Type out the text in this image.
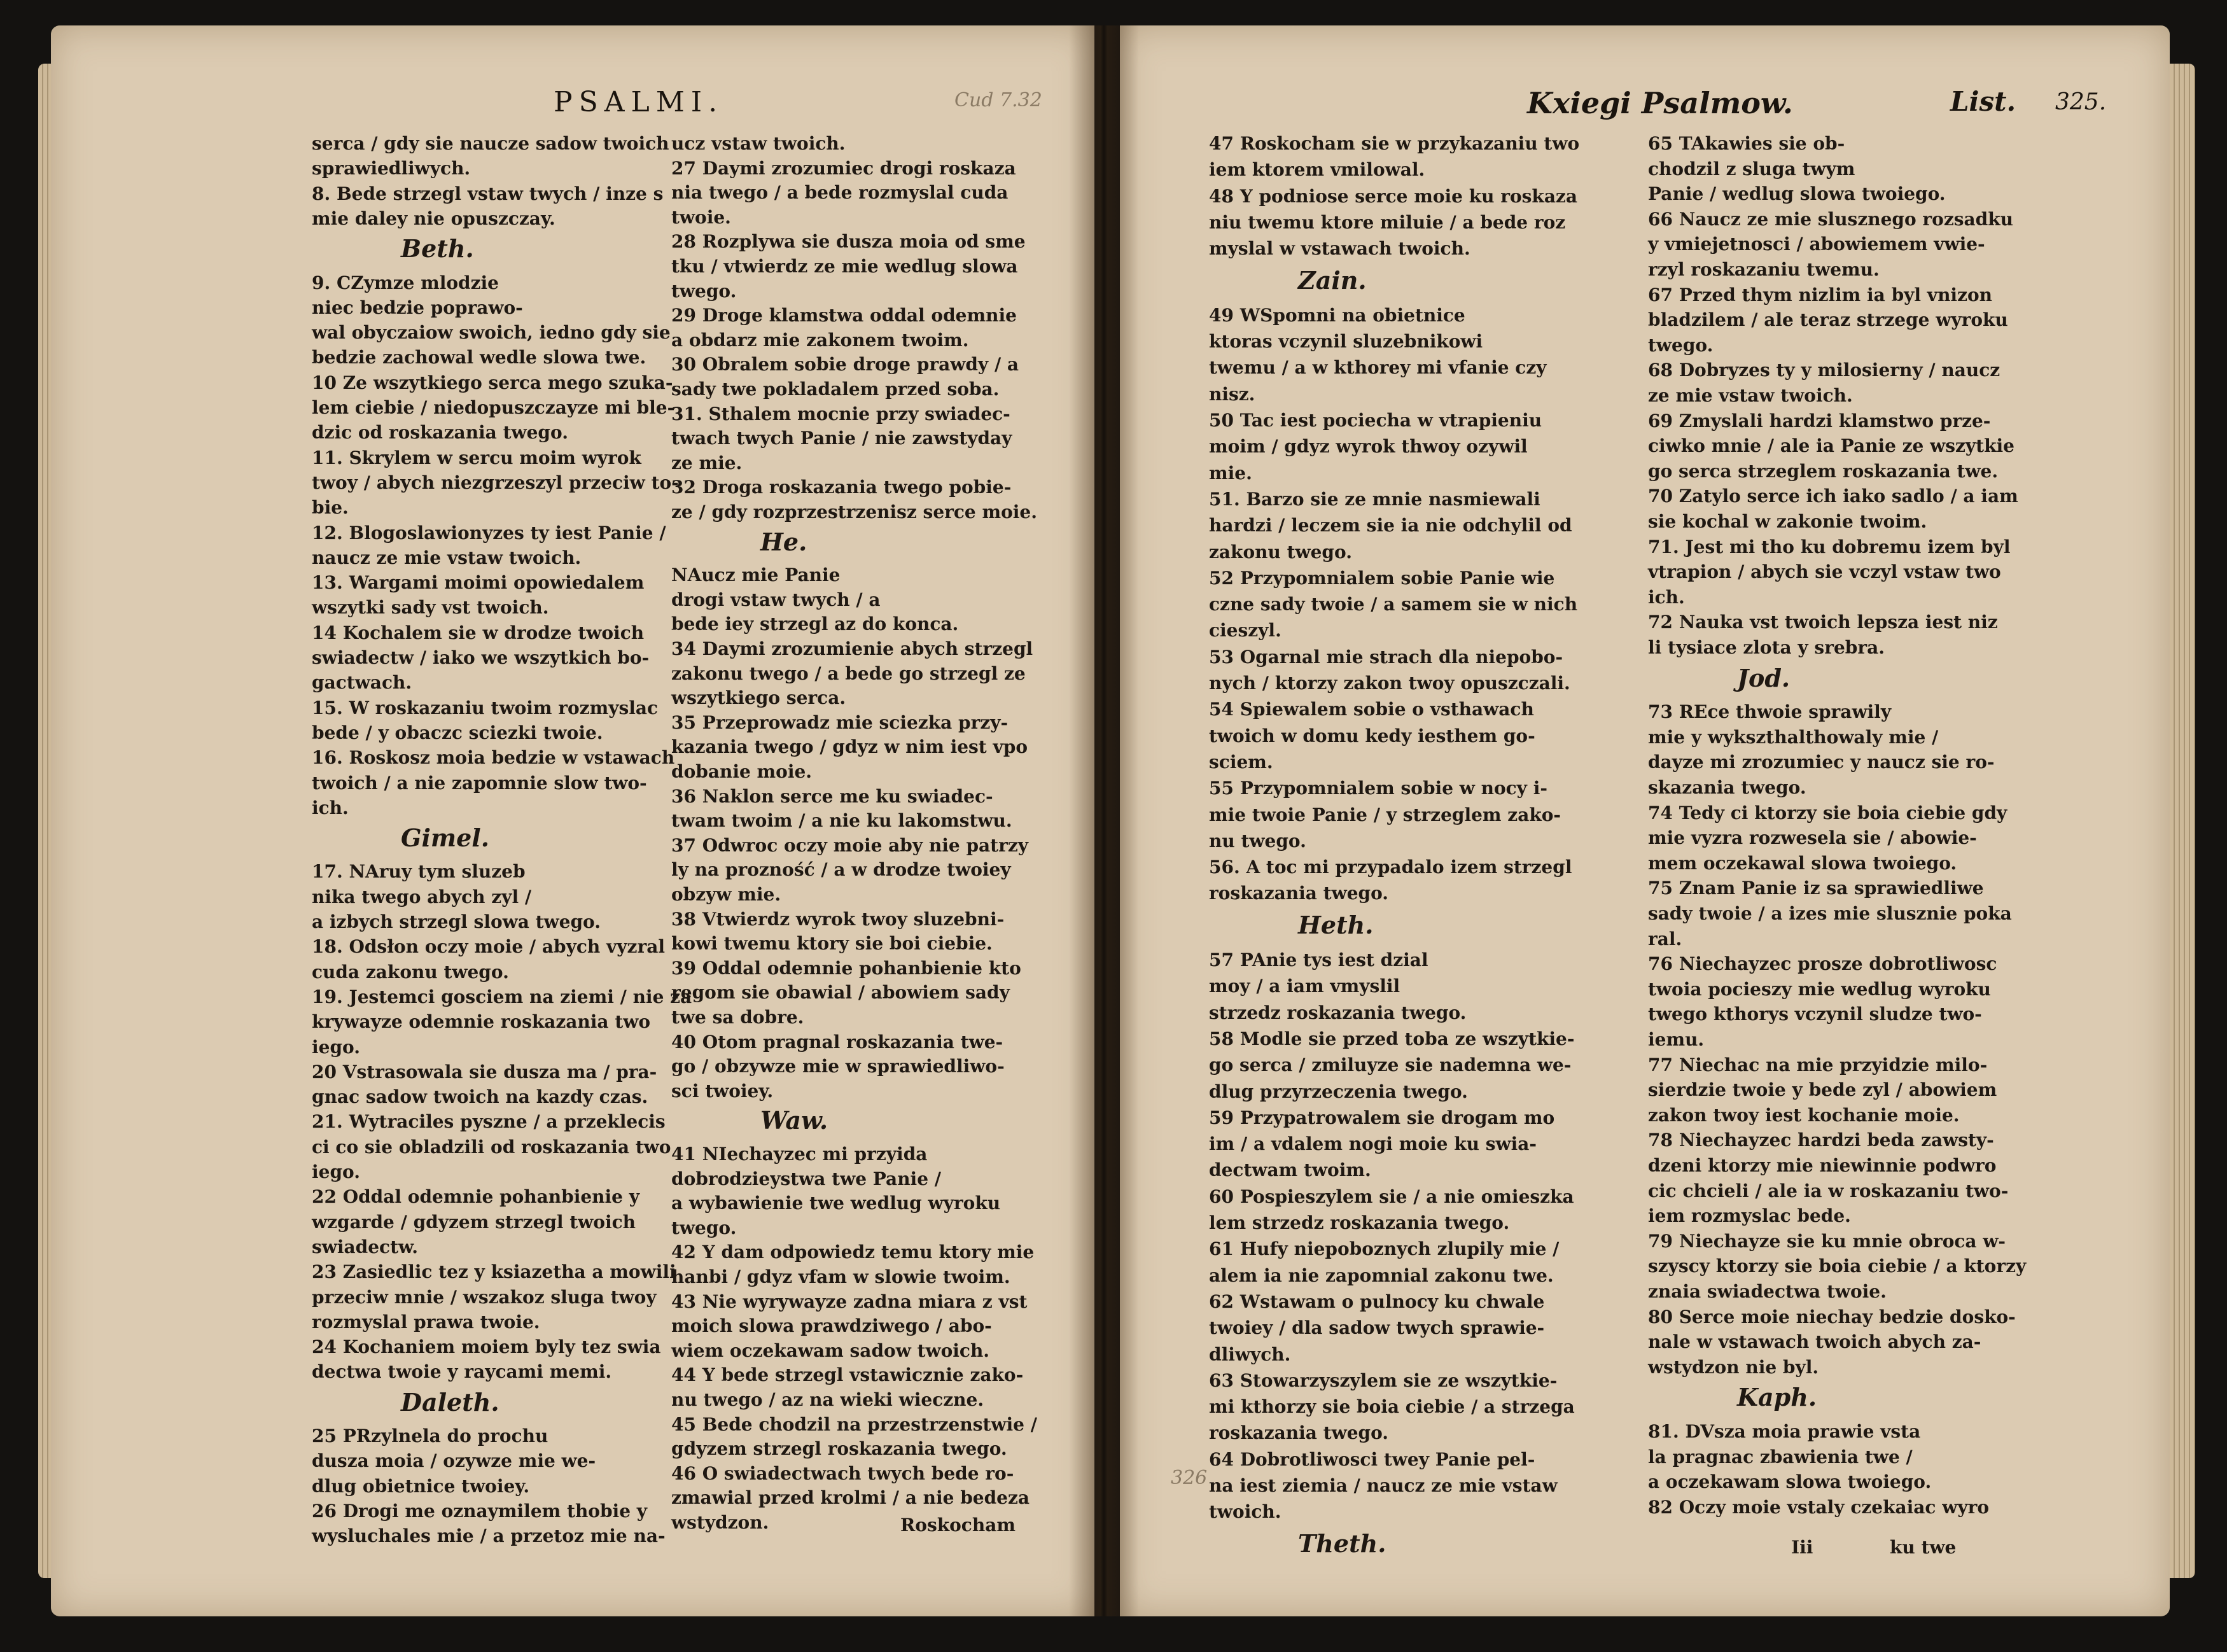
PSALMI.	Cud 7.32
serca / gdy sie naucze sadow twoich
sprawiedliwych.
8. Bede strzegl vstaw twych / inze s
mie daley nie opuszczay.
Beth.
9. CZymze mlodzie
niec bedzie poprawo-
wal obyczaiow swoich, iedno gdy sie
bedzie zachowal wedle slowa twe.
10 Ze wszytkiego serca mego szuka-
lem ciebie / niedopuszczayze mi ble-
dzic od roskazania twego.
11. Skrylem w sercu moim wyrok
twoy / abych niezgrzeszyl przeciw to-
bie.
12. Blogoslawionyzes ty iest Panie /
naucz ze mie vstaw twoich.
13. Wargami moimi opowiedalem
wszytki sady vst twoich.
14 Kochalem sie w drodze twoich
swiadectw / iako we wszytkich bo-
gactwach.
15. W roskazaniu twoim rozmyslac
bede / y obaczc sciezki twoie.
16. Roskosz moia bedzie w vstawach
twoich / a nie zapomnie slow two-
ich.
Gimel.
17. NAruy tym sluzeb
nika twego abych zyl /
a izbych strzegl slowa twego.
18. Odsłon oczy moie / abych vyzral
cuda zakonu twego.
19. Jestemci gosciem na ziemi / nie za
krywayze odemnie roskazania two
iego.
20 Vstrasowala sie dusza ma / pra-
gnac sadow twoich na kazdy czas.
21. Wytraciles pyszne / a przeklecis
ci co sie obladzili od roskazania two
iego.
22 Oddal odemnie pohanbienie y
wzgarde / gdyzem strzegl twoich
swiadectw.
23 Zasiedlic tez y ksiazetha a mowili
przeciw mnie / wszakoz sluga twoy
rozmyslal prawa twoie.
24 Kochaniem moiem byly tez swia
dectwa twoie y raycami memi.
Daleth.
25 PRzylnela do prochu
dusza moia / ozywze mie we-
dlug obietnice twoiey.
26 Drogi me oznaymilem thobie y
wysluchales mie / a przetoz mie na-
ucz vstaw twoich.
27 Daymi zrozumiec drogi roskaza
nia twego / a bede rozmyslal cuda
twoie.
28 Rozplywa sie dusza moia od sme
tku / vtwierdz ze mie wedlug slowa
twego.
29 Droge klamstwa oddal odemnie
a obdarz mie zakonem twoim.
30 Obralem sobie droge prawdy / a
sady twe pokladalem przed soba.
31. Sthalem mocnie przy swiadec-
twach twych Panie / nie zawstyday
ze mie.
32 Droga roskazania twego pobie-
ze / gdy rozprzestrzenisz serce moie.
He.
NAucz mie Panie
drogi vstaw twych / a
bede iey strzegl az do konca.
34 Daymi zrozumienie abych strzegl
zakonu twego / a bede go strzegl ze
wszytkiego serca.
35 Przeprowadz mie sciezka przy-
kazania twego / gdyz w nim iest vpo
dobanie moie.
36 Naklon serce me ku swiadec-
twam twoim / a nie ku lakomstwu.
37 Odwroc oczy moie aby nie patrzy
ly na prozność / a w drodze twoiey
obzyw mie.
38 Vtwierdz wyrok twoy sluzebni-
kowi twemu ktory sie boi ciebie.
39 Oddal odemnie pohanbienie kto
regom sie obawial / abowiem sady
twe sa dobre.
40 Otom pragnal roskazania twe-
go / obzywze mie w sprawiedliwo-
sci twoiey.
Waw.
41 NIechayzec mi przyida
dobrodzieystwa twe Panie /
a wybawienie twe wedlug wyroku
twego.
42 Y dam odpowiedz temu ktory mie
hanbi / gdyz vfam w slowie twoim.
43 Nie wyrywayze zadna miara z vst
moich slowa prawdziwego / abo-
wiem oczekawam sadow twoich.
44 Y bede strzegl vstawicznie zako-
nu twego / az na wieki wieczne.
45 Bede chodzil na przestrzenstwie /
gdyzem strzegl roskazania twego.
46 O swiadectwach twych bede ro-
zmawial przed krolmi / a nie bedeza
wstydzon.	Roskocham
Kxiegi Psalmow.	List. 325.
326
47 Roskocham sie w przykazaniu two
iem ktorem vmilowal.
48 Y podniose serce moie ku roskaza
niu twemu ktore miluie / a bede roz
myslal w vstawach twoich.
Zain.
49 WSpomni na obietnice
ktoras vczynil sluzebnikowi
twemu / a w kthorey mi vfanie czy
nisz.
50 Tac iest pociecha w vtrapieniu
moim / gdyz wyrok thwoy ozywil
mie.
51. Barzo sie ze mnie nasmiewali
hardzi / leczem sie ia nie odchylil od
zakonu twego.
52 Przypomnialem sobie Panie wie
czne sady twoie / a samem sie w nich
cieszyl.
53 Ogarnal mie strach dla niepobo-
nych / ktorzy zakon twoy opuszczali.
54 Spiewalem sobie o vsthawach
twoich w domu kedy iesthem go-
sciem.
55 Przypomnialem sobie w nocy i-
mie twoie Panie / y strzeglem zako-
nu twego.
56. A toc mi przypadalo izem strzegl
roskazania twego.
Heth.
57 PAnie tys iest dzial
moy / a iam vmyslil
strzedz roskazania twego.
58 Modle sie przed toba ze wszytkie-
go serca / zmiluyze sie nademna we-
dlug przyrzeczenia twego.
59 Przypatrowalem sie drogam mo
im / a vdalem nogi moie ku swia-
dectwam twoim.
60 Pospieszylem sie / a nie omieszka
lem strzedz roskazania twego.
61 Hufy niepoboznych zlupily mie /
alem ia nie zapomnial zakonu twe.
62 Wstawam o pulnocy ku chwale
twoiey / dla sadow twych sprawie-
dliwych.
63 Stowarzyszylem sie ze wszytkie-
mi kthorzy sie boia ciebie / a strzega
roskazania twego.
64 Dobrotliwosci twey Panie pel-
na iest ziemia / naucz ze mie vstaw
twoich.
Theth.
65 TAkawies sie ob-
chodzil z sluga twym
Panie / wedlug slowa twoiego.
66 Naucz ze mie slusznego rozsadku
y vmiejetnosci / abowiemem vwie-
rzyl roskazaniu twemu.
67 Przed thym nizlim ia byl vnizon
bladzilem / ale teraz strzege wyroku
twego.
68 Dobryzes ty y milosierny / naucz
ze mie vstaw twoich.
69 Zmyslali hardzi klamstwo prze-
ciwko mnie / ale ia Panie ze wszytkie
go serca strzeglem roskazania twe.
70 Zatylo serce ich iako sadlo / a iam
sie kochal w zakonie twoim.
71. Jest mi tho ku dobremu izem byl
vtrapion / abych sie vczyl vstaw two
ich.
72 Nauka vst twoich lepsza iest niz
li tysiace zlota y srebra.
Jod.
73 REce thwoie sprawily
mie y wykszthalthowaly mie /
dayze mi zrozumiec y naucz sie ro-
skazania twego.
74 Tedy ci ktorzy sie boia ciebie gdy
mie vyzra rozwesela sie / abowie-
mem oczekawal slowa twoiego.
75 Znam Panie iz sa sprawiedliwe
sady twoie / a izes mie slusznie poka
ral.
76 Niechayzec prosze dobrotliwosc
twoia pocieszy mie wedlug wyroku
twego kthorys vczynil sludze two-
iemu.
77 Niechac na mie przyidzie milo-
sierdzie twoie y bede zyl / abowiem
zakon twoy iest kochanie moie.
78 Niechayzec hardzi beda zawsty-
dzeni ktorzy mie niewinnie podwro
cic chcieli / ale ia w roskazaniu two-
iem rozmyslac bede.
79 Niechayze sie ku mnie obroca w-
szyscy ktorzy sie boia ciebie / a ktorzy
znaia swiadectwa twoie.
80 Serce moie niechay bedzie dosko-
nale w vstawach twoich abych za-
wstydzon nie byl.
Kaph.
81. DVsza moia prawie vsta
la pragnac zbawienia twe /
a oczekawam slowa twoiego.
82 Oczy moie vstaly czekaiac wyro
Iii	ku twe
